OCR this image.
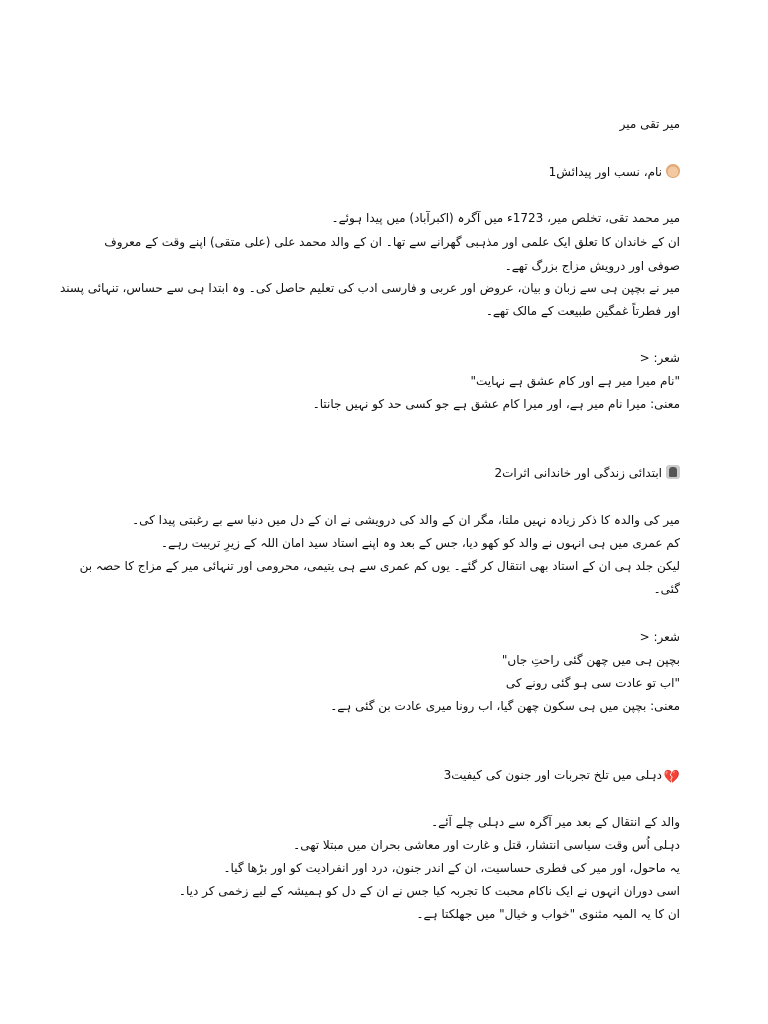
میر تقی میر
نام، نسب اور پیدائش1
میر محمد تقی، تخلص میر، 1723ء میں آگرہ (اکبرآباد) میں پیدا ہوئے۔
ان کے خاندان کا تعلق ایک علمی اور مذہبی گھرانے سے تھا۔ ان کے والد محمد علی (علی متقی) اپنے وقت کے معروف
صوفی اور درویش مزاج بزرگ تھے۔
میر نے بچپن ہی سے زبان و بیان، عروض اور عربی و فارسی ادب کی تعلیم حاصل کی۔ وہ ابتدا ہی سے حساس، تنہائی پسند
اور فطرتاً غمگین طبیعت کے مالک تھے۔
شعر: <
"نام میرا میر ہے اور کام عشق ہے نہایت"
معنی: میرا نام میر ہے، اور میرا کام عشق ہے جو کسی حد کو نہیں جانتا۔
ابتدائی زندگی اور خاندانی اثرات2
میر کی والدہ کا ذکر زیادہ نہیں ملتا، مگر ان کے والد کی درویشی نے ان کے دل میں دنیا سے بے رغبتی پیدا کی۔
کم عمری میں ہی انہوں نے والد کو کھو دیا، جس کے بعد وہ اپنے استاد سید امان اللہ کے زیرِ تربیت رہے۔
لیکن جلد ہی ان کے استاد بھی انتقال کر گئے۔ یوں کم عمری سے ہی یتیمی، محرومی اور تنہائی میر کے مزاج کا حصہ بن
گئی۔
شعر: <
بچپن ہی میں چھن گئی راحتِ جاں"
"اب تو عادت سی ہو گئی رونے کی
معنی: بچپن میں ہی سکون چھن گیا، اب رونا میری عادت بن گئی ہے۔
💔دہلی میں تلخ تجربات اور جنون کی کیفیت3
والد کے انتقال کے بعد میر آگرہ سے دہلی چلے آئے۔
دہلی اُس وقت سیاسی انتشار، قتل و غارت اور معاشی بحران میں مبتلا تھی۔
یہ ماحول، اور میر کی فطری حساسیت، ان کے اندر جنون، درد اور انفرادیت کو اور بڑھا گیا۔
اسی دوران انہوں نے ایک ناکام محبت کا تجربہ کیا جس نے ان کے دل کو ہمیشہ کے لیے زخمی کر دیا۔
ان کا یہ المیہ مثنوی "خواب و خیال" میں جھلکتا ہے۔
